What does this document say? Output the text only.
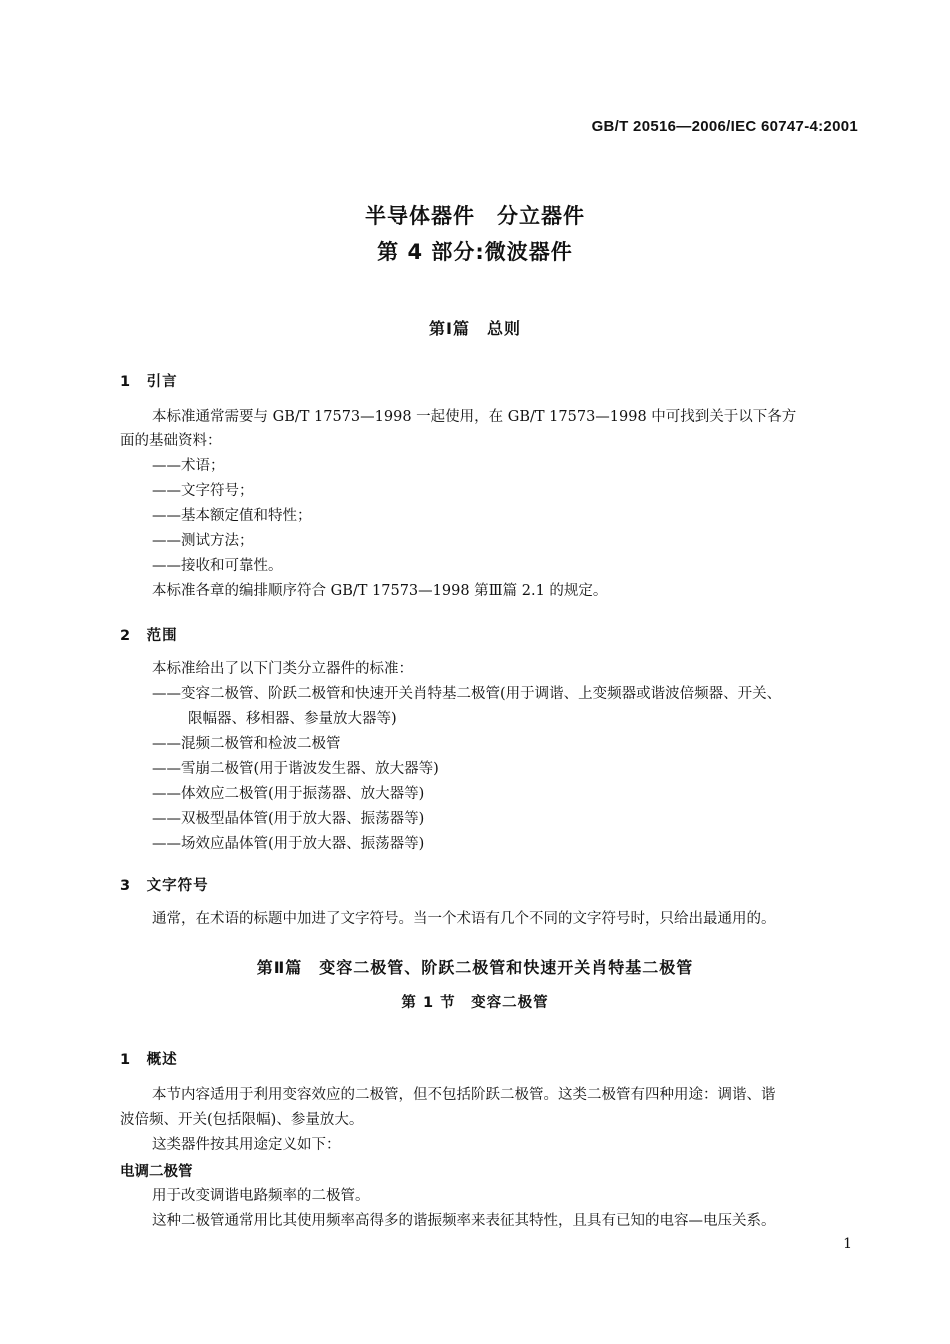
GB/T 20516—2006/IEC 60747-4:2001
半导体器件　分立器件
第 4 部分:微波器件
第Ⅰ篇　总则
1　引言
本标准通常需要与 GB/T 17573—1998 一起使用，在 GB/T 17573—1998 中可找到关于以下各方
面的基础资料：
——术语；
——文字符号；
——基本额定值和特性；
——测试方法；
——接收和可靠性。
本标准各章的编排顺序符合 GB/T 17573—1998 第Ⅲ篇 2.1 的规定。
2　范围
本标准给出了以下门类分立器件的标准：
——变容二极管、阶跃二极管和快速开关肖特基二极管(用于调谐、上变频器或谐波倍频器、开关、
限幅器、移相器、参量放大器等)
——混频二极管和检波二极管
——雪崩二极管(用于谐波发生器、放大器等)
——体效应二极管(用于振荡器、放大器等)
——双极型晶体管(用于放大器、振荡器等)
——场效应晶体管(用于放大器、振荡器等)
3　文字符号
通常，在术语的标题中加进了文字符号。当一个术语有几个不同的文字符号时，只给出最通用的。
第Ⅱ篇　变容二极管、阶跃二极管和快速开关肖特基二极管
第 1 节　变容二极管
1　概述
本节内容适用于利用变容效应的二极管，但不包括阶跃二极管。这类二极管有四种用途：调谐、谐
波倍频、开关(包括限幅)、参量放大。
这类器件按其用途定义如下：
电调二极管
用于改变调谐电路频率的二极管。
这种二极管通常用比其使用频率高得多的谐振频率来表征其特性，且具有已知的电容—电压关系。
1
